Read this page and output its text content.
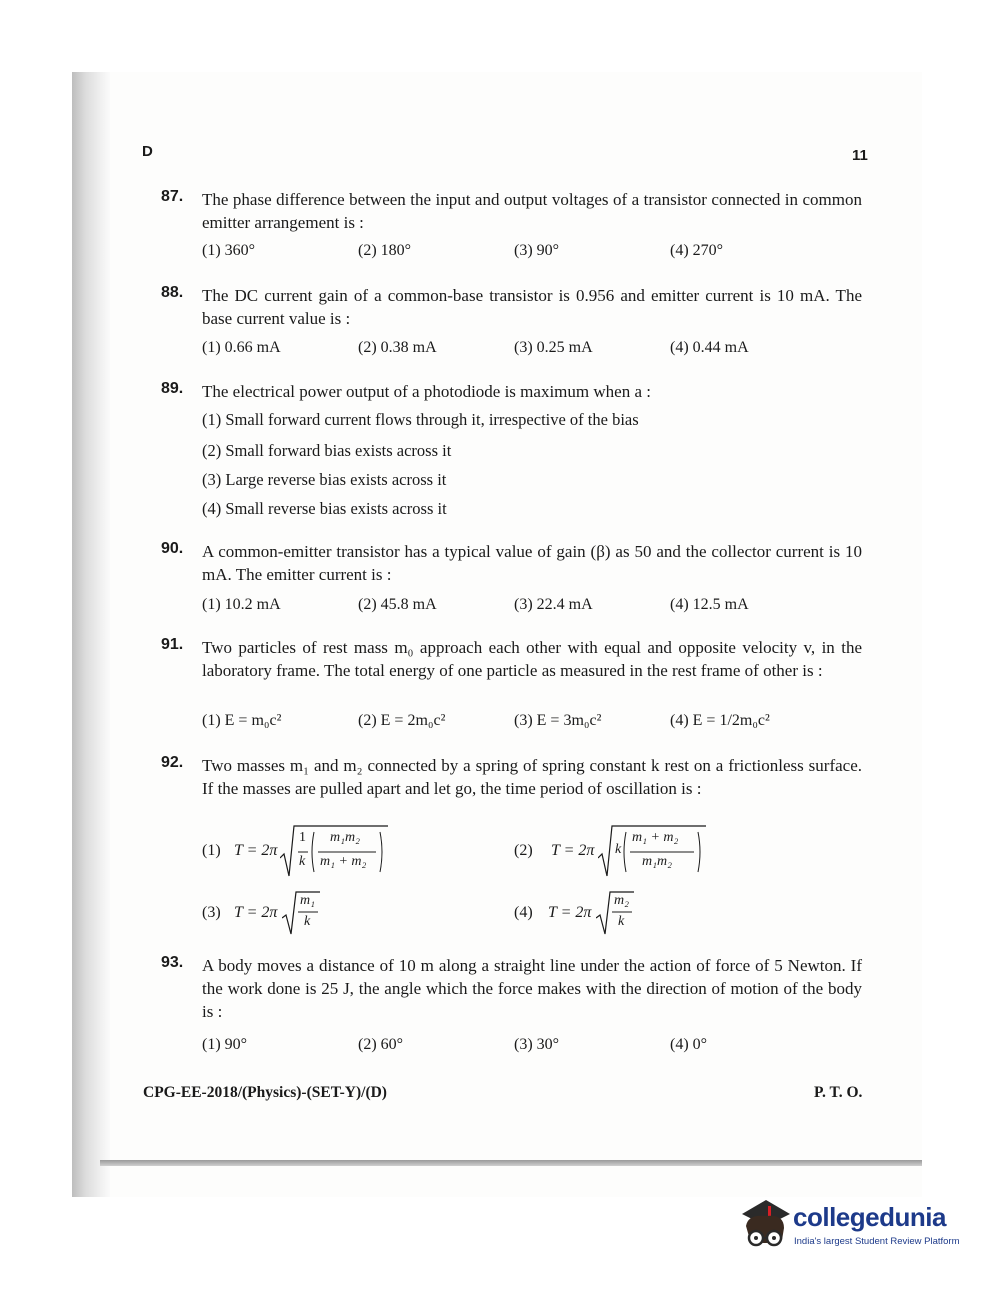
D	11
87. The phase difference between the input and output voltages of a transistor connected in common emitter arrangement is :
(1) 360°	(2) 180°	(3) 90°	(4) 270°
88. The DC current gain of a common-base transistor is 0.956 and emitter current is 10 mA. The base current value is :
(1) 0.66 mA	(2) 0.38 mA	(3) 0.25 mA	(4) 0.44 mA
89. The electrical power output of a photodiode is maximum when a :
(1) Small forward current flows through it, irrespective of the bias
(2) Small forward bias exists across it
(3) Large reverse bias exists across it
(4) Small reverse bias exists across it
90. A common-emitter transistor has a typical value of gain (β) as 50 and the collector current is 10 mA. The emitter current is :
(1) 10.2 mA	(2) 45.8 mA	(3) 22.4 mA	(4) 12.5 mA
91. Two particles of rest mass m₀ approach each other with equal and opposite velocity v, in the laboratory frame. The total energy of one particle as measured in the rest frame of other is :
(1) E = m₀c²	(2) E = 2m₀c²	(3) E = 3m₀c²	(4) E = 1/2m₀c²
92. Two masses m₁ and m₂ connected by a spring of spring constant k rest on a frictionless surface. If the masses are pulled apart and let go, the time period of oscillation is :
(1) T = 2π
1
k
m₁m₂
m₁ + m₂
(2) T = 2π k
m₁ + m₂
m₁m₂
(3) T = 2π
m₁
k
(4) T = 2π
m₂
k
93. A body moves a distance of 10 m along a straight line under the action of force of 5 Newton. If the work done is 25 J, the angle which the force makes with the direction of motion of the body is :
(1) 90°	(2) 60°	(3) 30°	(4) 0°
CPG-EE-2018/(Physics)-(SET-Y)/(D)	P. T. O.
collegedunia
India's largest Student Review Platform
